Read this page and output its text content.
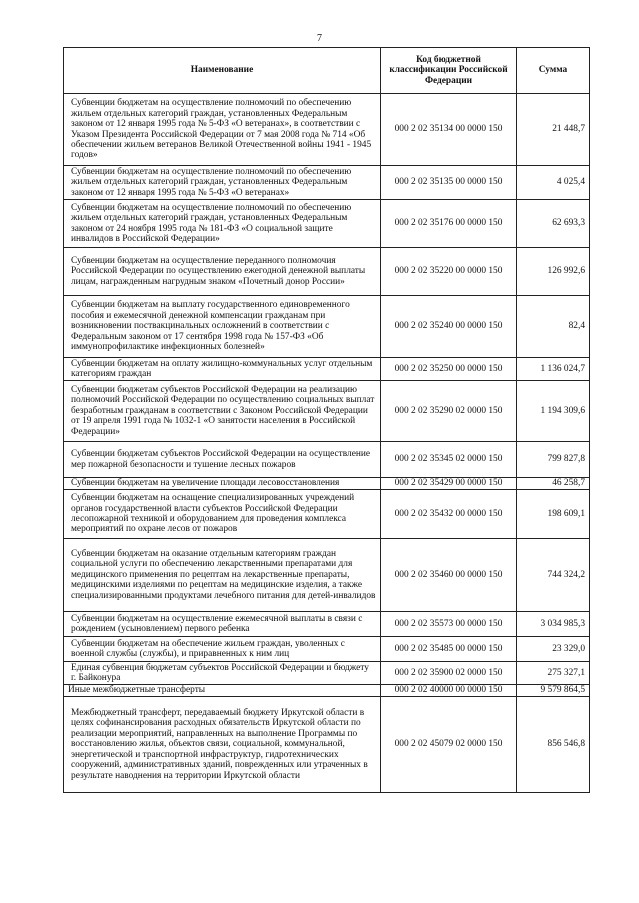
7
Наименование	Код бюджетной классификации Российской Федерации	Сумма
Субвенции бюджетам на осуществление полномочий по обеспечению жильем отдельных категорий граждан, установленных Федеральным законом от 12 января 1995 года № 5-ФЗ «О ветеранах», в соответствии с Указом Президента Российской Федерации от 7 мая 2008 года № 714 «Об обеспечении жильем ветеранов Великой Отечественной войны 1941 - 1945 годов»	000 2 02 35134 00 0000 150	21 448,7
Субвенции бюджетам на осуществление полномочий по обеспечению жильем отдельных категорий граждан, установленных Федеральным законом от 12 января 1995 года № 5-ФЗ «О ветеранах»	000 2 02 35135 00 0000 150	4 025,4
Субвенции бюджетам на осуществление полномочий по обеспечению жильем отдельных категорий граждан, установленных Федеральным законом от 24 ноября 1995 года № 181-ФЗ «О социальной защите инвалидов в Российской Федерации»	000 2 02 35176 00 0000 150	62 693,3
Субвенции бюджетам на осуществление переданного полномочия Российской Федерации по осуществлению ежегодной денежной выплаты лицам, награжденным нагрудным знаком «Почетный донор России»	000 2 02 35220 00 0000 150	126 992,6
Субвенции бюджетам на выплату государственного единовременного пособия и ежемесячной денежной компенсации гражданам при возникновении поствакцинальных осложнений в соответствии с Федеральным законом от 17 сентября 1998 года № 157-ФЗ «Об иммунопрофилактике инфекционных болезней»	000 2 02 35240 00 0000 150	82,4
Субвенции бюджетам на оплату жилищно-коммунальных услуг отдельным категориям граждан	000 2 02 35250 00 0000 150	1 136 024,7
Субвенции бюджетам субъектов Российской Федерации на реализацию полномочий Российской Федерации по осуществлению социальных выплат безработным гражданам в соответствии с Законом Российской Федерации от 19 апреля 1991 года № 1032-1 «О занятости населения в Российской Федерации»	000 2 02 35290 02 0000 150	1 194 309,6
Субвенции бюджетам субъектов Российской Федерации на осуществление мер пожарной безопасности и тушение лесных пожаров	000 2 02 35345 02 0000 150	799 827,8
Субвенции бюджетам на увеличение площади лесовосстановления	000 2 02 35429 00 0000 150	46 258,7
Субвенции бюджетам на оснащение специализированных учреждений органов государственной власти субъектов Российской Федерации лесопожарной техникой и оборудованием для проведения комплекса мероприятий по охране лесов от пожаров	000 2 02 35432 00 0000 150	198 609,1
Субвенции бюджетам на оказание отдельным категориям граждан социальной услуги по обеспечению лекарственными препаратами для медицинского применения по рецептам на лекарственные препараты, медицинскими изделиями по рецептам на медицинские изделия, а также специализированными продуктами лечебного питания для детей-инвалидов	000 2 02 35460 00 0000 150	744 324,2
Субвенции бюджетам на осуществление ежемесячной выплаты в связи с рождением (усыновлением) первого ребенка	000 2 02 35573 00 0000 150	3 034 985,3
Субвенции бюджетам на обеспечение жильем граждан, уволенных с военной службы (службы), и приравненных к ним лиц	000 2 02 35485 00 0000 150	23 329,0
Единая субвенция бюджетам субъектов Российской Федерации и бюджету г. Байконура	000 2 02 35900 02 0000 150	275 327,1
Иные межбюджетные трансферты	000 2 02 40000 00 0000 150	9 579 864,5
Межбюджетный трансферт, передаваемый бюджету Иркутской области в целях софинансирования расходных обязательств Иркутской области по реализации мероприятий, направленных на выполнение Программы по восстановлению жилья, объектов связи, социальной, коммунальной, энергетической и транспортной инфраструктур, гидротехнических сооружений, административных зданий, поврежденных или утраченных в результате наводнения на территории Иркутской области	000 2 02 45079 02 0000 150	856 546,8
